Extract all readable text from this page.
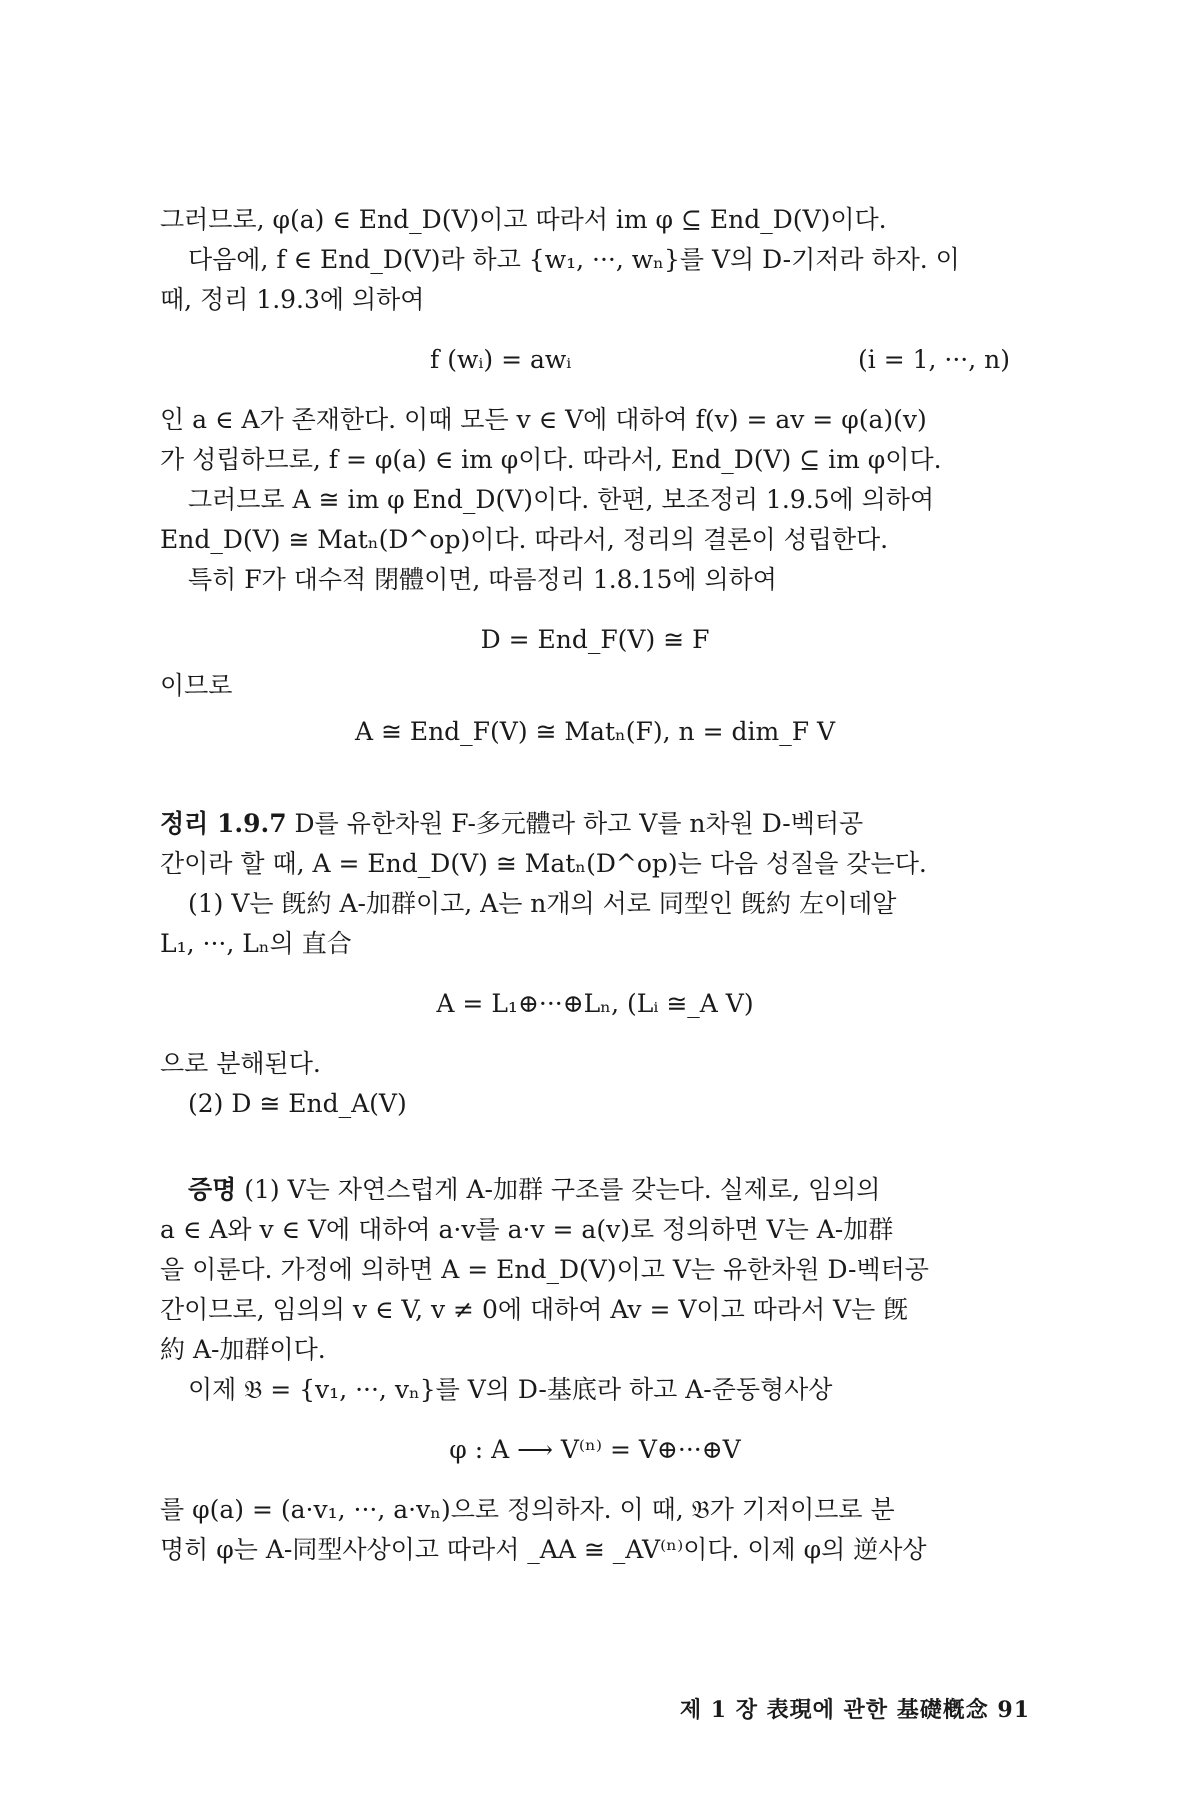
그러므로, φ(a) ∈ End_D(V)이고 따라서 im φ ⊆ End_D(V)이다.
다음에, f ∈ End_D(V)라 하고 {w₁, ···, wₙ}를 V의 D-기저라 하자. 이
때, 정리 1.9.3에 의하여
f (wᵢ) = awᵢ	(i = 1, ···, n)
인 a ∈ A가 존재한다. 이때 모든 v ∈ V에 대하여 f(v) = av = φ(a)(v)
가 성립하므로, f = φ(a) ∈ im φ이다. 따라서, End_D(V) ⊆ im φ이다.
그러므로 A ≅ im φ End_D(V)이다. 한편, 보조정리 1.9.5에 의하여
End_D(V) ≅ Matₙ(D^op)이다. 따라서, 정리의 결론이 성립한다.
특히 F가 대수적 閉體이면, 따름정리 1.8.15에 의하여
D = End_F(V) ≅ F
이므로
A ≅ End_F(V) ≅ Matₙ(F), n = dim_F V
정리 1.9.7 D를 유한차원 F-多元體라 하고 V를 n차원 D-벡터공
간이라 할 때, A = End_D(V) ≅ Matₙ(D^op)는 다음 성질을 갖는다.
(1) V는 旣約 A-加群이고, A는 n개의 서로 同型인 旣約 左이데알
L₁, ···, Lₙ의 直合
A = L₁⊕···⊕Lₙ, (Lᵢ ≅_A V)
으로 분해된다.
(2) D ≅ End_A(V)
증명 (1) V는 자연스럽게 A-加群 구조를 갖는다. 실제로, 임의의
a ∈ A와 v ∈ V에 대하여 a·v를 a·v = a(v)로 정의하면 V는 A-加群
을 이룬다. 가정에 의하면 A = End_D(V)이고 V는 유한차원 D-벡터공
간이므로, 임의의 v ∈ V, v ≠ 0에 대하여 Av = V이고 따라서 V는 旣
約 A-加群이다.
이제 𝔅 = {v₁, ···, vₙ}를 V의 D-基底라 하고 A-준동형사상
φ : A ⟶ V⁽ⁿ⁾ = V⊕···⊕V
를 φ(a) = (a·v₁, ···, a·vₙ)으로 정의하자. 이 때, 𝔅가 기저이므로 분
명히 φ는 A-同型사상이고 따라서 _AA ≅ _AV⁽ⁿ⁾이다. 이제 φ의 逆사상
제 1 장 表現에 관한 基礎槪念 91
